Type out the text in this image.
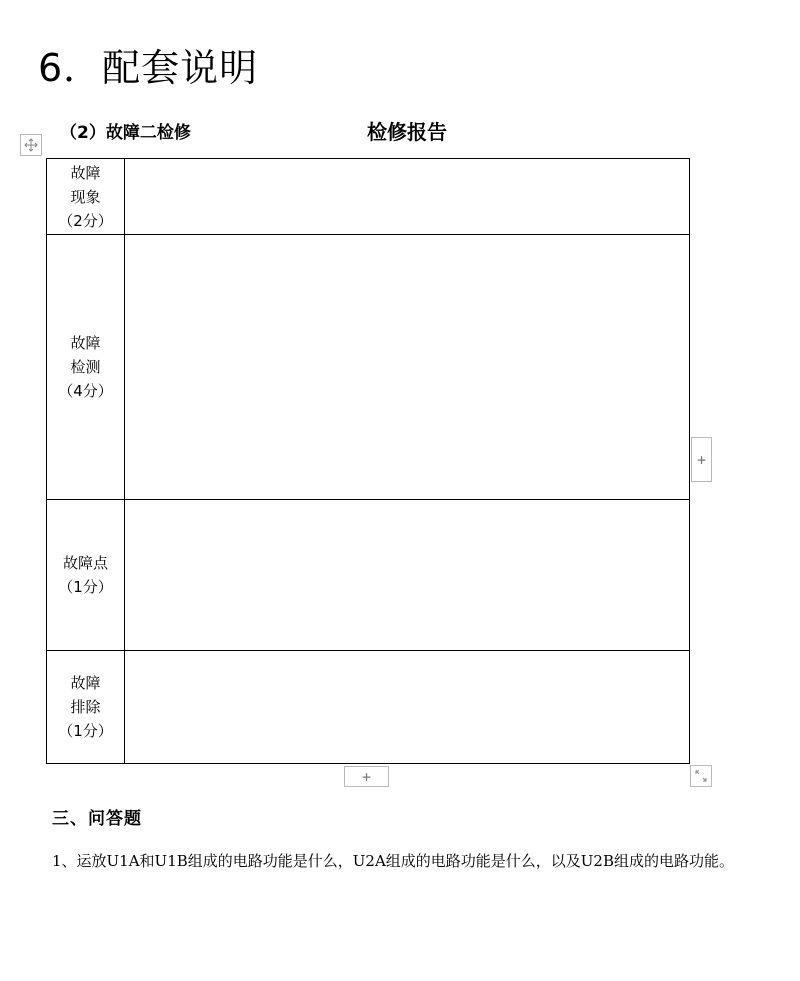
6．配套说明
（2）故障二检修	检修报告
故障
现象
（2分）	

故障
检测
（4分）	

故障点
（1分）	

故障
排除
（1分）	

+
+
三、问答题
1、运放U1A和U1B组成的电路功能是什么，U2A组成的电路功能是什么，以及U2B组成的电路功能。
